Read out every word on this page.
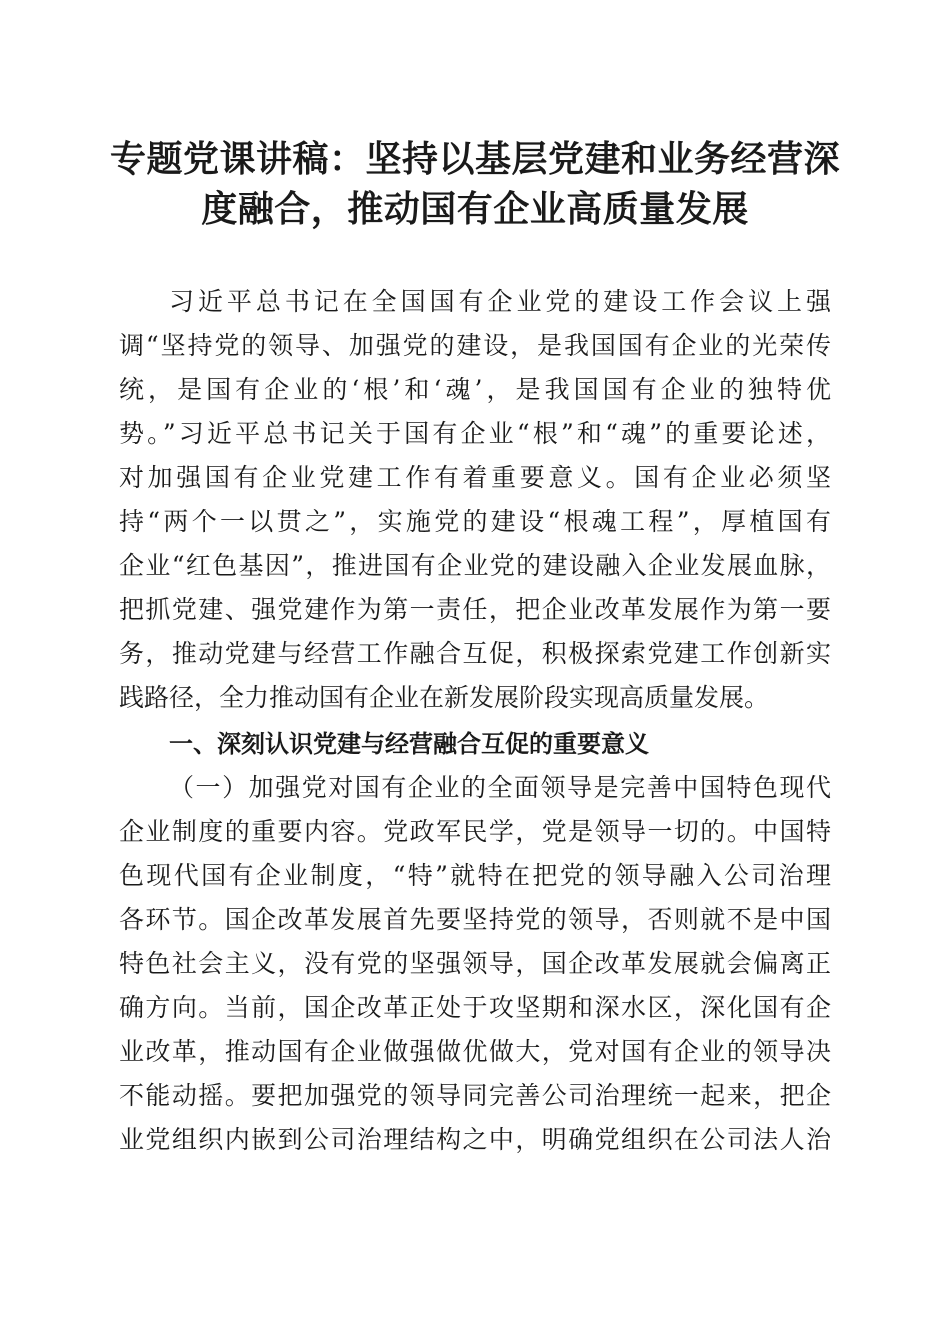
专题党课讲稿：坚持以基层党建和业务经营深
度融合，推动国有企业高质量发展
习近平总书记在全国国有企业党的建设工作会议上强
调“坚持党的领导、加强党的建设，是我国国有企业的光荣传
统，是国有企业的‘根’和‘魂’，是我国国有企业的独特优
势。”习近平总书记关于国有企业“根”和“魂”的重要论述，
对加强国有企业党建工作有着重要意义。国有企业必须坚
持“两个一以贯之”，实施党的建设“根魂工程”，厚植国有
企业“红色基因”，推进国有企业党的建设融入企业发展血脉，
把抓党建、强党建作为第一责任，把企业改革发展作为第一要
务，推动党建与经营工作融合互促，积极探索党建工作创新实
践路径，全力推动国有企业在新发展阶段实现高质量发展。
一、深刻认识党建与经营融合互促的重要意义
（一）加强党对国有企业的全面领导是完善中国特色现代
企业制度的重要内容。党政军民学，党是领导一切的。中国特
色现代国有企业制度，“特”就特在把党的领导融入公司治理
各环节。国企改革发展首先要坚持党的领导，否则就不是中国
特色社会主义，没有党的坚强领导，国企改革发展就会偏离正
确方向。当前，国企改革正处于攻坚期和深水区，深化国有企
业改革，推动国有企业做强做优做大，党对国有企业的领导决
不能动摇。要把加强党的领导同完善公司治理统一起来，把企
业党组织内嵌到公司治理结构之中，明确党组织在公司法人治
